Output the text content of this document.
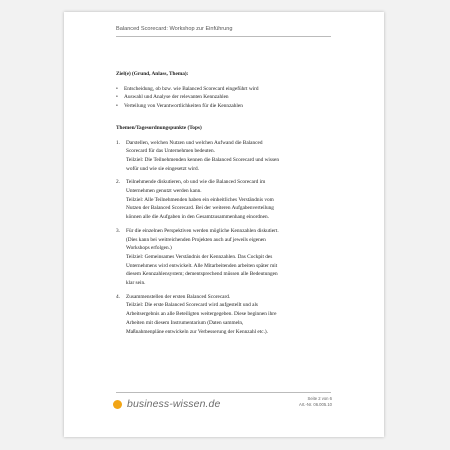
Balanced Scorecard: Workshop zur Einführung

Ziel(e) (Grund, Anlass, Thema):

• Entscheidung, ob bzw. wie Balanced Scorecard eingeführt wird
• Auswahl und Analyse der relevanten Kennzahlen
• Verteilung von Verantwortlichkeiten für die Kennzahlen

Themen/Tagesordnungspunkte (Tops)

1. Darstellen, welchen Nutzen und welchen Aufwand die Balanced
Scorecard für das Unternehmen bedeuten.
Teilziel: Die Teilnehmenden kennen die Balanced Scorecard und wissen
wofür und wie sie eingesetzt wird.
2. Teilnehmende diskutieren, ob und wie die Balanced Scorecard im
Unternehmen genutzt werden kann.
Teilziel: Alle Teilnehmenden haben ein einheitliches Verständnis vom
Nutzen der Balanced Scorecard. Bei der weiteren Aufgabenverteilung
können alle die Aufgaben in den Gesamtzusammenhang einordnen.
3. Für die einzelnen Perspektiven werden mögliche Kennzahlen diskutiert.
(Dies kann bei weitreichenden Projekten auch auf jeweils eigenen
Workshops erfolgen.)
Teilziel: Gemeinsames Verständnis der Kennzahlen. Das Cockpit des
Unternehmens wird entwickelt. Alle Mitarbeitenden arbeiten später mit
diesem Kennzahlensystem; dementsprechend müssen alle Bedeutungen
klar sein.
4. Zusammenstellen der ersten Balanced Scorecard.
Teilziel: Die erste Balanced Scorecard wird aufgestellt und als
Arbeitsergebnis an alle Beteiligten weitergegeben. Diese beginnen ihre
Arbeiten mit diesem Instrumentarium (Daten sammeln,
Maßnahmenpläne entwickeln zur Verbesserung der Kennzahl etc.).
business-wissen.de	Seite 2 von 6
Art.-Nr. 06.005.10
